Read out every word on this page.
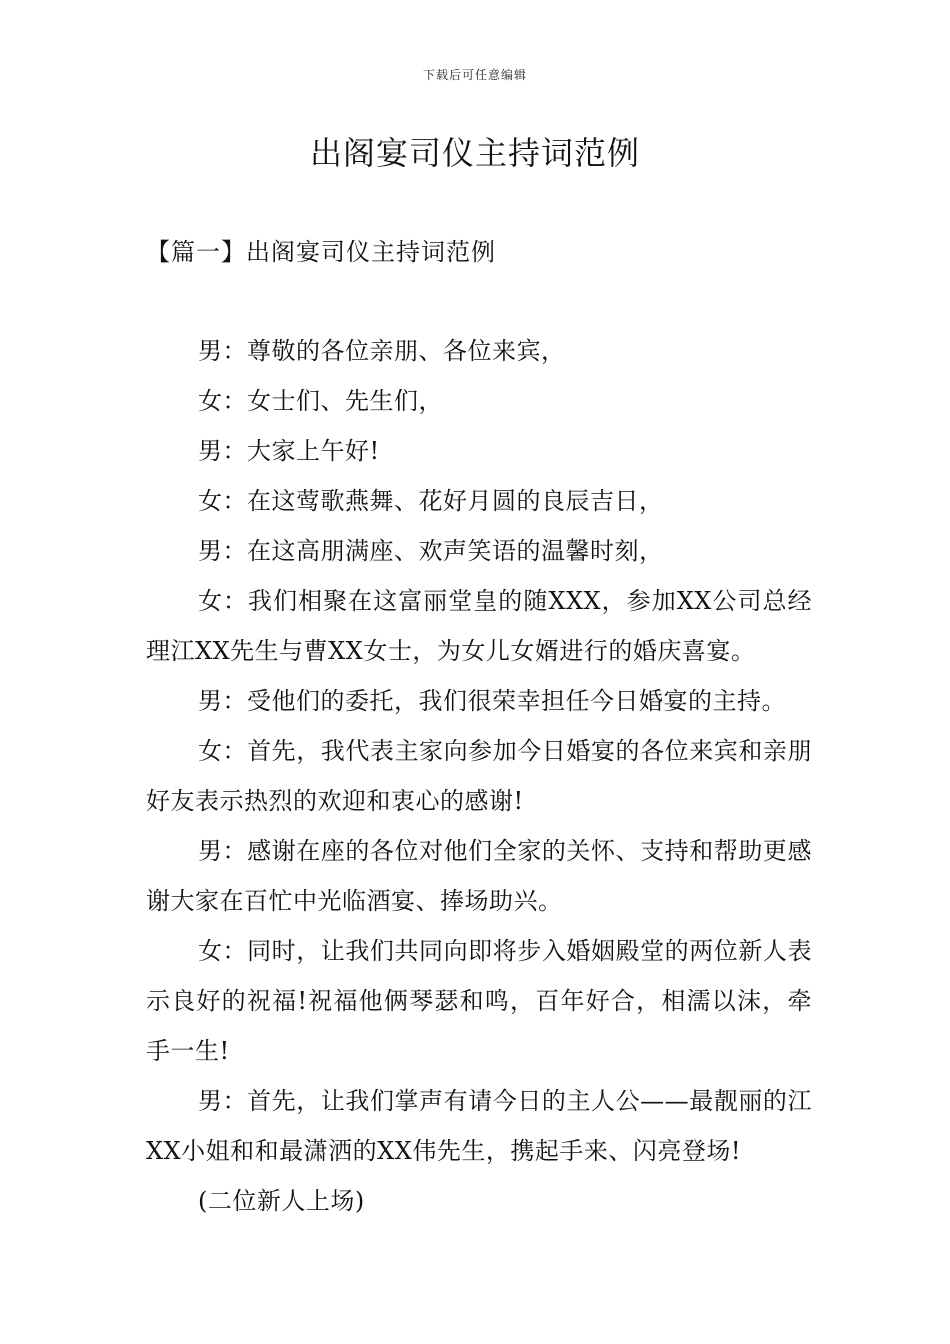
下载后可任意编辑
出阁宴司仪主持词范例
【篇一】出阁宴司仪主持词范例

男：尊敬的各位亲朋、各位来宾，

女：女士们、先生们，

男：大家上午好!

女：在这莺歌燕舞、花好月圆的良辰吉日，

男：在这高朋满座、欢声笑语的温馨时刻，

女：我们相聚在这富丽堂皇的随XXX，参加XX公司总经理江XX先生与曹XX女士，为女儿女婿进行的婚庆喜宴。

男：受他们的委托，我们很荣幸担任今日婚宴的主持。

女：首先，我代表主家向参加今日婚宴的各位来宾和亲朋好友表示热烈的欢迎和衷心的感谢!

男：感谢在座的各位对他们全家的关怀、支持和帮助更感谢大家在百忙中光临酒宴、捧场助兴。

女：同时，让我们共同向即将步入婚姻殿堂的两位新人表示良好的祝福!祝福他俩琴瑟和鸣，百年好合，相濡以沫，牵手一生!

男：首先，让我们掌声有请今日的主人公——最靓丽的江XX小姐和和最潇洒的XX伟先生，携起手来、闪亮登场!

(二位新人上场)
